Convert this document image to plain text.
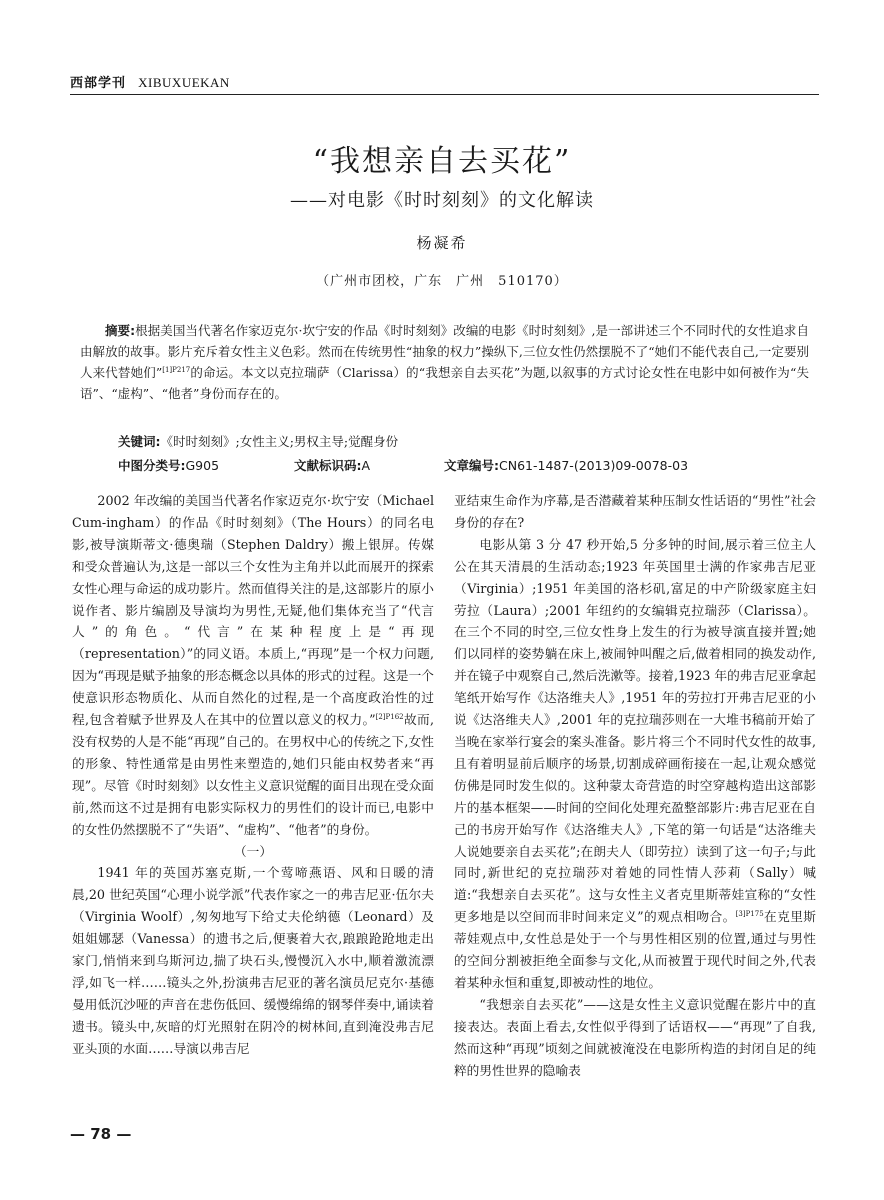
西部学刊 XIBUXUEKAN
“我想亲自去买花”
——对电影《时时刻刻》的文化解读
杨凝希
（广州市团校，广东　广州　510170）
摘要:根据美国当代著名作家迈克尔·坎宁安的作品《时时刻刻》改编的电影《时时刻刻》,是一部讲述三个不同时代的女性追求自由解放的故事。影片充斥着女性主义色彩。然而在传统男性“抽象的权力”操纵下,三位女性仍然摆脱不了“她们不能代表自己,一定要别人来代替她们”$^{[1]P217}$的命运。本文以克拉瑞萨（Clarissa）的“我想亲自去买花”为题,以叙事的方式讨论女性在电影中如何被作为“失语”、“虚构”、“他者”身份而存在的。
关键词:《时时刻刻》;女性主义;男权主导;觉醒身份
中图分类号:G905	文献标识码:A	文章编号:CN61-1487-(2013)09-0078-03

2002 年改编的美国当代著名作家迈克尔·坎宁安（Michael Cum-ingham）的作品《时时刻刻》（The Hours）的同名电影,被导演斯蒂文·德奥瑞（Stephen Daldry）搬上银屏。传媒和受众普遍认为,这是一部以三个女性为主角并以此而展开的探索女性心理与命运的成功影片。然而值得关注的是,这部影片的原小说作者、影片编剧及导演均为男性,无疑,他们集体充当了“代言人”的角色。“代言”在某种程度上是“再现（representation）”的同义语。本质上,“再现”是一个权力问题,因为“再现是赋予抽象的形态概念以具体的形式的过程。这是一个使意识形态物质化、从而自然化的过程,是一个高度政治性的过程,包含着赋予世界及人在其中的位置以意义的权力。”$^{[2]P162}$故而,没有权势的人是不能“再现”自己的。在男权中心的传统之下,女性的形象、特性通常是由男性来塑造的,她们只能由权势者来“再现”。尽管《时时刻刻》以女性主义意识觉醒的面目出现在受众面前,然而这不过是拥有电影实际权力的男性们的设计而已,电影中的女性仍然摆脱不了“失语”、“虚构”、“他者”的身份。

（一）

1941 年的英国苏塞克斯,一个莺啼燕语、风和日暖的清晨,20 世纪英国“心理小说学派”代表作家之一的弗吉尼亚·伍尔夫（Virginia Woolf）,匆匆地写下给丈夫伦纳德（Leonard）及姐姐娜瑟（Vanessa）的遗书之后,便裹着大衣,踉踉跄跄地走出家门,悄悄来到乌斯河边,揣了块石头,慢慢沉入水中,顺着激流漂浮,如飞一样……镜头之外,扮演弗吉尼亚的著名演员尼克尔·基德曼用低沉沙哑的声音在悲伤低回、缓慢绵绵的钢琴伴奏中,诵读着遗书。镜头中,灰暗的灯光照射在阴冷的树林间,直到淹没弗吉尼亚头顶的水面……导演以弗吉尼

亚结束生命作为序幕,是否潜藏着某种压制女性话语的“男性”社会身份的存在?

电影从第 3 分 47 秒开始,5 分多钟的时间,展示着三位主人公在其天清晨的生活动态;1923 年英国里士满的作家弗吉尼亚（Virginia）;1951 年美国的洛杉矶,富足的中产阶级家庭主妇劳拉（Laura）;2001 年纽约的女编辑克拉瑞莎（Clarissa）。在三个不同的时空,三位女性身上发生的行为被导演直接并置;她们以同样的姿势躺在床上,被闹钟叫醒之后,做着相同的换发动作,并在镜子中观察自己,然后洗漱等。接着,1923 年的弗吉尼亚拿起笔纸开始写作《达洛维夫人》,1951 年的劳拉打开弗吉尼亚的小说《达洛维夫人》,2001 年的克拉瑞莎则在一大堆书稿前开始了当晚在家举行宴会的案头准备。影片将三个不同时代女性的故事,且有着明显前后顺序的场景,切割成碎画衔接在一起,让观众感觉仿佛是同时发生似的。这种蒙太奇营造的时空穿越构造出这部影片的基本框架——时间的空间化处理充盈整部影片:弗吉尼亚在自己的书房开始写作《达洛维夫人》,下笔的第一句话是“达洛维夫人说她要亲自去买花”;在朗夫人（即劳拉）读到了这一句子;与此同时,新世纪的克拉瑞莎对着她的同性情人莎莉（Sally）喊道:“我想亲自去买花”。这与女性主义者克里斯蒂娃宣称的“女性更多地是以空间而非时间来定义”的观点相吻合。$^{[3]P175}$在克里斯蒂娃观点中,女性总是处于一个与男性相区别的位置,通过与男性的空间分割被拒绝全面参与文化,从而被置于现代时间之外,代表着某种永恒和重复,即被动性的地位。

“我想亲自去买花”——这是女性主义意识觉醒在影片中的直接表达。表面上看去,女性似乎得到了话语权——“再现”了自我,然而这种“再现”顷刻之间就被淹没在电影所构造的封闭自足的纯粹的男性世界的隐喻表

— 78 —
